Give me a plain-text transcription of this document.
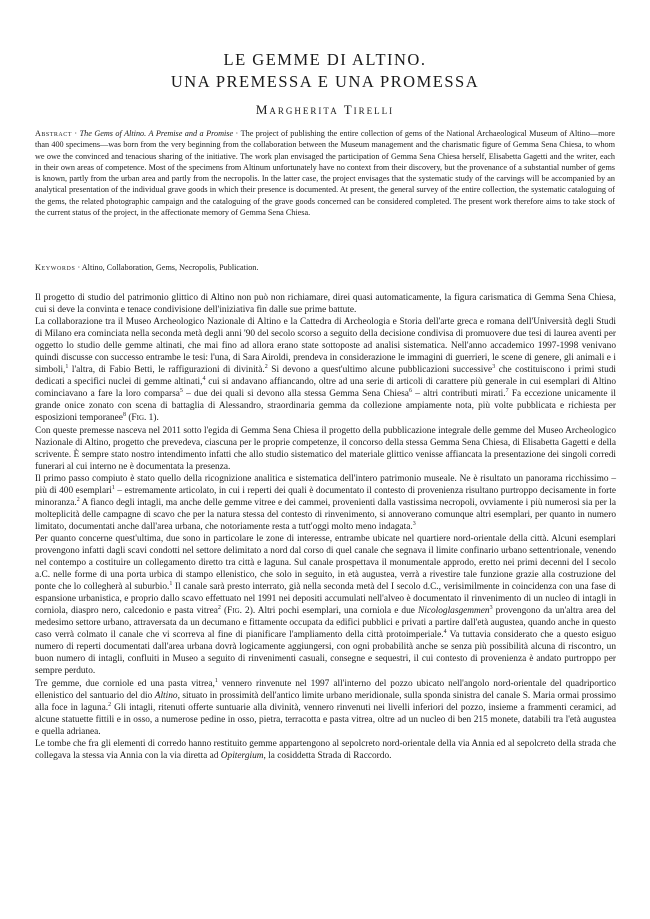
LE GEMME DI ALTINO.
UNA PREMESSA E UNA PROMESSA
Margherita Tirelli
Abstract · The Gems of Altino. A Premise and a Promise · The project of publishing the entire collection of gems of the National Archaeological Museum of Altino—more than 400 specimens—was born from the very beginning from the collaboration between the Museum management and the charismatic figure of Gemma Sena Chiesa, to whom we owe the convinced and tenacious sharing of the initiative. The work plan envisaged the participation of Gemma Sena Chiesa herself, Elisabetta Gagetti and the writer, each in their own areas of competence. Most of the specimens from Altinum unfortunately have no context from their discovery, but the provenance of a substantial number of gems is known, partly from the urban area and partly from the necropolis. In the latter case, the project envisages that the systematic study of the carvings will be accompanied by an analytical presentation of the individual grave goods in which their presence is documented. At present, the general survey of the entire collection, the systematic cataloguing of the gems, the related photographic campaign and the cataloguing of the grave goods concerned can be considered completed. The present work therefore aims to take stock of the current status of the project, in the affectionate memory of Gemma Sena Chiesa.
Keywords · Altino, Collaboration, Gems, Necropolis, Publication.

Il progetto di studio del patrimonio glittico di Altino non può non richiamare, direi quasi automaticamente, la figura carismatica di Gemma Sena Chiesa, cui si deve la convinta e tenace condivisione dell'iniziativa fin dalle sue prime battute.

La collaborazione tra il Museo Archeologico Nazionale di Altino e la Cattedra di Archeologia e Storia dell'arte greca e romana dell'Università degli Studi di Milano era cominciata nella seconda metà degli anni '90 del secolo scorso a seguito della decisione condivisa di promuovere due tesi di laurea aventi per oggetto lo studio delle gemme altinati, che mai fino ad allora erano state sottoposte ad analisi sistematica. Nell'anno accademico 1997-1998 venivano quindi discusse con successo entrambe le tesi: l'una, di Sara Airoldi, prendeva in considerazione le immagini di guerrieri, le scene di genere, gli animali e i simboli,$^1$ l'altra, di Fabio Betti, le raffigurazioni di divinità.$^2$ Si devono a quest'ultimo alcune pubblicazioni successive$^3$ che costituiscono i primi studi dedicati a specifici nuclei di gemme altinati,$^4$ cui si andavano affiancando, oltre ad una serie di articoli di carattere più generale in cui esemplari di Altino cominciavano a fare la loro comparsa$^5$ – due dei quali si devono alla stessa Gemma Sena Chiesa$^6$ – altri contributi mirati.$^7$ Fa eccezione unicamente il grande onice zonato con scena di battaglia di Alessandro, straordinaria gemma da collezione ampiamente nota, più volte pubblicata e richiesta per esposizioni temporanee$^8$ (Fig. 1).

Con queste premesse nasceva nel 2011 sotto l'egida di Gemma Sena Chiesa il progetto della pubblicazione integrale delle gemme del Museo Archeologico Nazionale di Altino, progetto che prevedeva, ciascuna per le proprie competenze, il concorso della stessa Gemma Sena Chiesa, di Elisabetta Gagetti e della scrivente. È sempre stato nostro intendimento infatti che allo studio sistematico del materiale glittico venisse affiancata la presentazione dei singoli corredi funerari al cui interno ne è documentata la presenza.

Il primo passo compiuto è stato quello della ricognizione analitica e sistematica dell'intero patrimonio museale. Ne è risultato un panorama ricchissimo – più di 400 esemplari$^1$ – estremamente articolato, in cui i reperti dei quali è documentato il contesto di provenienza risultano purtroppo decisamente in forte minoranza.$^2$ A fianco degli intagli, ma anche delle gemme vitree e dei cammei, provenienti dalla vastissima necropoli, ovviamente i più numerosi sia per la molteplicità delle campagne di scavo che per la natura stessa del contesto di rinvenimento, si annoverano comunque altri esemplari, per quanto in numero limitato, documentati anche dall'area urbana, che notoriamente resta a tutt'oggi molto meno indagata.$^3$

Per quanto concerne quest'ultima, due sono in particolare le zone di interesse, entrambe ubicate nel quartiere nord-orientale della città. Alcuni esemplari provengono infatti dagli scavi condotti nel settore delimitato a nord dal corso di quel canale che segnava il limite confinario urbano settentrionale, venendo nel contempo a costituire un collegamento diretto tra città e laguna. Sul canale prospettava il monumentale approdo, eretto nei primi decenni del I secolo a.C. nelle forme di una porta urbica di stampo ellenistico, che solo in seguito, in età augustea, verrà a rivestire tale funzione grazie alla costruzione del ponte che lo collegherà al suburbio.$^1$ Il canale sarà presto interrato, già nella seconda metà del I secolo d.C., verisimilmente in coincidenza con una fase di espansione urbanistica, e proprio dallo scavo effettuato nel 1991 nei depositi accumulati nell'alveo è documentato il rinvenimento di un nucleo di intagli in corniola, diaspro nero, calcedonio e pasta vitrea$^2$ (Fig. 2). Altri pochi esemplari, una corniola e due Nicologlasgemmen$^3$ provengono da un'altra area del medesimo settore urbano, attraversata da un decumano e fittamente occupata da edifici pubblici e privati a partire dall'età augustea, quando anche in questo caso verrà colmato il canale che vi scorreva al fine di pianificare l'ampliamento della città protoimperiale.$^4$ Va tuttavia considerato che a questo esiguo numero di reperti documentati dall'area urbana dovrà logicamente aggiungersi, con ogni probabilità anche se senza più possibilità alcuna di riscontro, un buon numero di intagli, confluiti in Museo a seguito di rinvenimenti casuali, consegne e sequestri, il cui contesto di provenienza è andato purtroppo per sempre perduto.

Tre gemme, due corniole ed una pasta vitrea,$^1$ vennero rinvenute nel 1997 all'interno del pozzo ubicato nell'angolo nord-orientale del quadriportico ellenistico del santuario del dio Altino, situato in prossimità dell'antico limite urbano meridionale, sulla sponda sinistra del canale S. Maria ormai prossimo alla foce in laguna.$^2$ Gli intagli, ritenuti offerte suntuarie alla divinità, vennero rinvenuti nei livelli inferiori del pozzo, insieme a frammenti ceramici, ad alcune statuette fittili e in osso, a numerose pedine in osso, pietra, terracotta e pasta vitrea, oltre ad un nucleo di ben 215 monete, databili tra l'età augustea e quella adrianea.

Le tombe che fra gli elementi di corredo hanno restituito gemme appartengono al sepolcreto nord-orientale della via Annia ed al sepolcreto della strada che collegava la stessa via Annia con la via diretta ad Opitergium, la cosiddetta Strada di Raccordo.
